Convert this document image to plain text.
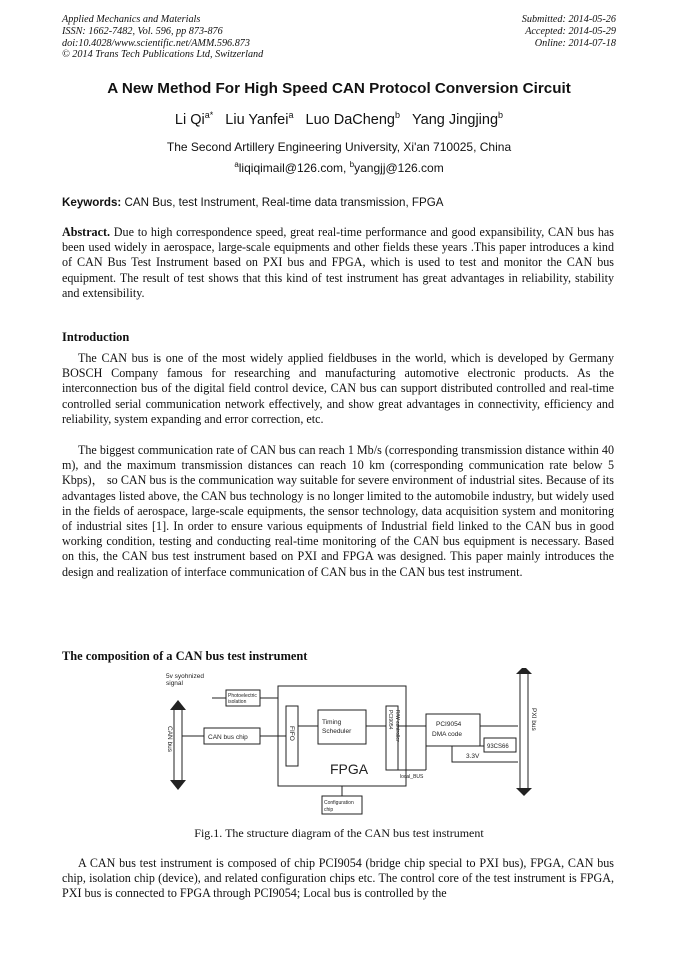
Applied Mechanics and Materials
ISSN: 1662-7482, Vol. 596, pp 873-876
doi:10.4028/www.scientific.net/AMM.596.873
© 2014 Trans Tech Publications Ltd, Switzerland
Submitted: 2014-05-26
Accepted: 2014-05-29
Online: 2014-07-18
A New Method For High Speed CAN Protocol Conversion Circuit
Li $Qi^{a*}$ Liu Yanfei$^a$ Luo DaCheng$^b$ Yang Jingjing$^b$
The Second Artillery Engineering University, Xi'an 710025, China
$^a$liqiqimail@126.com, $^b$yangjj@126.com
Keywords: CAN Bus, test Instrument, Real-time data transmission, FPGA

Abstract. Due to high correspondence speed, great real-time performance and good expansibility, CAN bus has been used widely in aerospace, large-scale equipments and other fields these years .This paper introduces a kind of CAN Bus Test Instrument based on PXI bus and FPGA, which is used to test and monitor the CAN bus equipment. The result of test shows that this kind of test instrument has great advantages in reliability, stability and extensibility.

Introduction

The CAN bus is one of the most widely applied fieldbuses in the world, which is developed by Germany BOSCH Company famous for researching and manufacturing automotive electronic products. As the interconnection bus of the digital field control device, CAN bus can support distributed controlled and real-time controlled serial communication network effectively, and show great advantages in connectivity, efficiency and reliability, system expanding and error correction, etc.

The biggest communication rate of CAN bus can reach 1 Mb/s (corresponding transmission distance within 40 m), and the maximum transmission distances can reach 10 km (corresponding communication rate below 5 Kbps)， so CAN bus is the communication way suitable for severe environment of industrial sites. Because of its advantages listed above, the CAN bus technology is no longer limited to the automobile industry, but widely used in the fields of aerospace, large-scale equipments, the sensor technology, data acquisition system and monitoring of industrial sites [1]. In order to ensure various equipments of Industrial field linked to the CAN bus in good working condition, testing and conducting real-time monitoring of the CAN bus equipment is necessary. Based on this, the CAN bus test instrument based on PXI and FPGA was designed. This paper mainly introduces the design and realization of interface communication of CAN bus in the CAN bus test instrument.

The composition of a CAN bus test instrument

5v syohnized
signal
Photoelectric
isolation
CAN bus chip
CAN bus	FIFO
Timing
Scheduler
PCI9054 R/W controller
FPGA
PCI9054
DMA code
93CS66
3.3V
local_BUS
PXI bus
Configuration
chip
Fig.1. The structure diagram of the CAN bus test instrument

A CAN bus test instrument is composed of chip PCI9054 (bridge chip special to PXI bus), FPGA, CAN bus chip, isolation chip (device), and related configuration chips etc. The control core of the test instrument is FPGA, PXI bus is connected to FPGA through PCI9054; Local bus is controlled by the
